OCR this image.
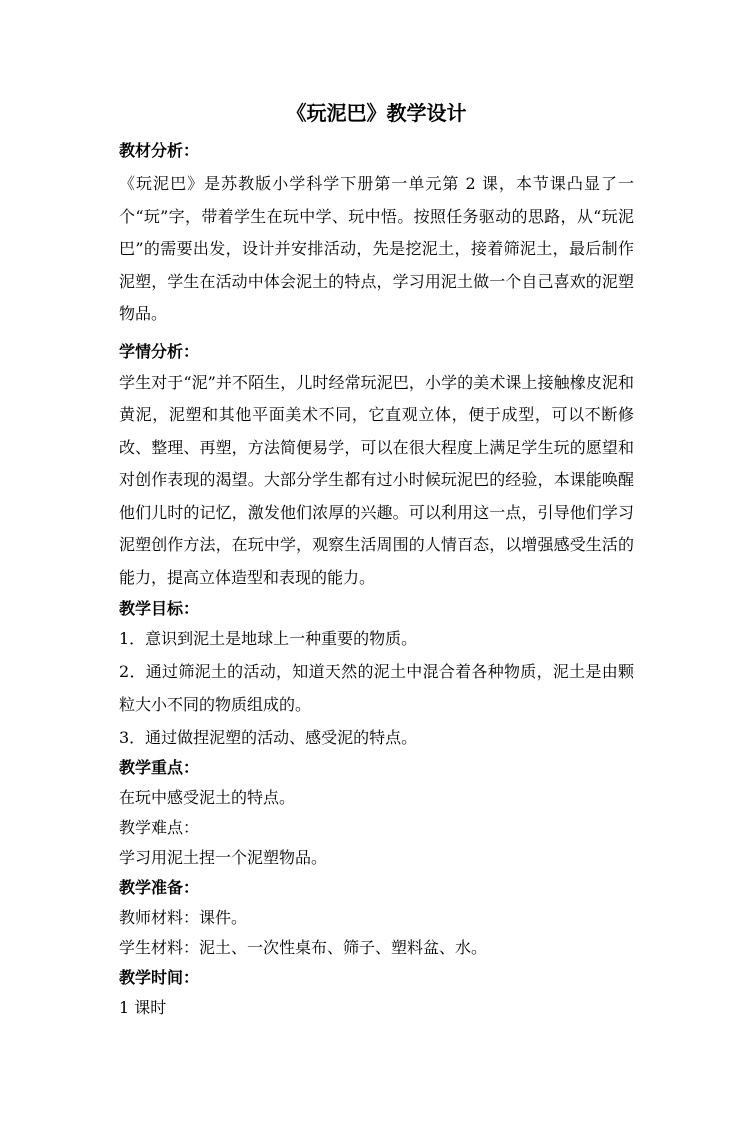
《玩泥巴》教学设计
教材分析：

《玩泥巴》是苏教版小学科学下册第一单元第 2 课，本节课凸显了一个“玩”字，带着学生在玩中学、玩中悟。按照任务驱动的思路，从“玩泥巴”的需要出发，设计并安排活动，先是挖泥土，接着筛泥土，最后制作泥塑，学生在活动中体会泥土的特点，学习用泥土做一个自己喜欢的泥塑物品。

学情分析：

学生对于“泥”并不陌生，儿时经常玩泥巴，小学的美术课上接触橡皮泥和黄泥，泥塑和其他平面美术不同，它直观立体，便于成型，可以不断修改、整理、再塑，方法简便易学，可以在很大程度上满足学生玩的愿望和对创作表现的渴望。大部分学生都有过小时候玩泥巴的经验，本课能唤醒他们儿时的记忆，激发他们浓厚的兴趣。可以利用这一点，引导他们学习泥塑创作方法，在玩中学，观察生活周围的人情百态，以增强感受生活的能力，提高立体造型和表现的能力。

教学目标：

1．意识到泥土是地球上一种重要的物质。

2．通过筛泥土的活动，知道天然的泥土中混合着各种物质，泥土是由颗粒大小不同的物质组成的。

3．通过做捏泥塑的活动、感受泥的特点。

教学重点：

在玩中感受泥土的特点。

教学难点：

学习用泥土捏一个泥塑物品。

教学准备：

教师材料：课件。

学生材料：泥土、一次性桌布、筛子、塑料盆、水。

教学时间：

1 课时
